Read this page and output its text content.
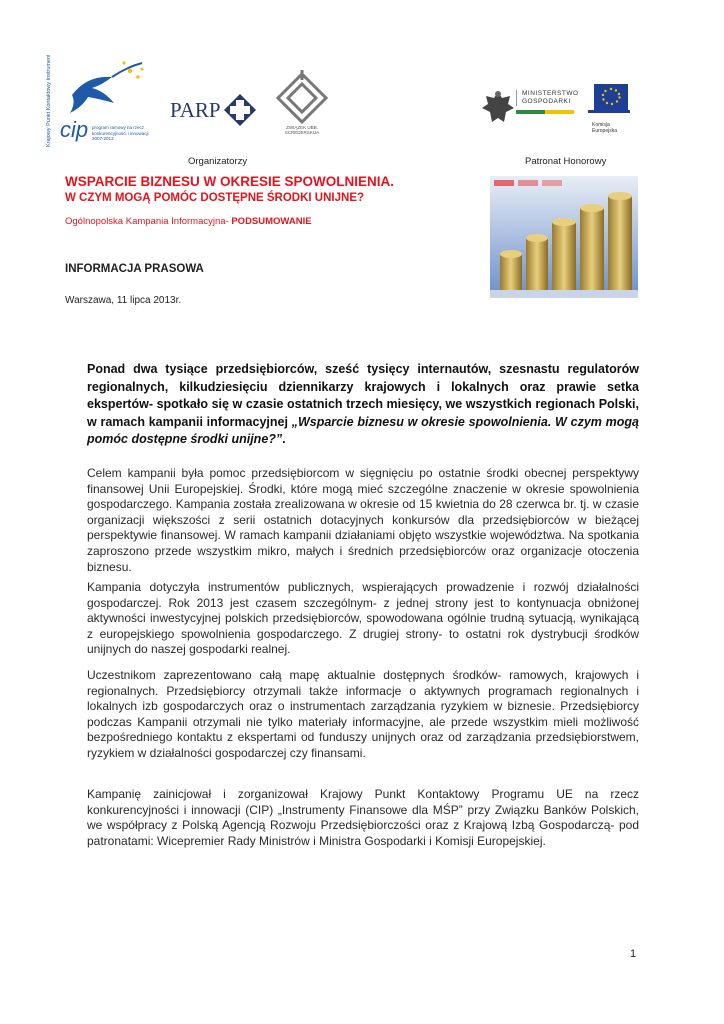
Krajowy Punkt Kontaktowy Instrumenty Finansowe dla MŚP cip program ramowy na rzecz konkurencyjności i innowacji 2007-2013
PARP
ZWIĄZEK UBB. SCREDERSKIJA
MINISTERSTWO GOSPODARKI
Komisja Europejska
Organizatorzy	Patronat Honorowy
WSPARCIE BIZNESU W OKRESIE SPOWOLNIENIA.
W CZYM MOGĄ POMÓC DOSTĘPNE ŚRODKI UNIJNE?
Ogólnopolska Kampania Informacyjna- PODSUMOWANIE
INFORMACJA PRASOWA
Warszawa, 11 lipca 2013r.
Ponad dwa tysiące przedsiębiorców, sześć tysięcy internautów, szesnastu regulatorów regionalnych, kilkudziesięciu dziennikarzy krajowych i lokalnych oraz prawie setka ekspertów- spotkało się w czasie ostatnich trzech miesięcy, we wszystkich regionach Polski, w ramach kampanii informacyjnej „Wsparcie biznesu w okresie spowolnienia. W czym mogą pomóc dostępne środki unijne?”.
Celem kampanii była pomoc przedsiębiorcom w sięgnięciu po ostatnie środki obecnej perspektywy finansowej Unii Europejskiej. Środki, które mogą mieć szczególne znaczenie w okresie spowolnienia gospodarczego. Kampania została zrealizowana w okresie od 15 kwietnia do 28 czerwca br. tj. w czasie organizacji większości z serii ostatnich dotacyjnych konkursów dla przedsiębiorców w bieżącej perspektywie finansowej. W ramach kampanii działaniami objęto wszystkie województwa. Na spotkania zaproszono przede wszystkim mikro, małych i średnich przedsiębiorców oraz organizacje otoczenia biznesu.
Kampania dotyczyła instrumentów publicznych, wspierających prowadzenie i rozwój działalności gospodarczej. Rok 2013 jest czasem szczególnym- z jednej strony jest to kontynuacja obniżonej aktywności inwestycyjnej polskich przedsiębiorców, spowodowana ogólnie trudną sytuacją, wynikającą z europejskiego spowolnienia gospodarczego. Z drugiej strony- to ostatni rok dystrybucji środków unijnych do naszej gospodarki realnej.
Uczestnikom zaprezentowano całą mapę aktualnie dostępnych środków- ramowych, krajowych i regionalnych. Przedsiębiorcy otrzymali także informacje o aktywnych programach regionalnych i lokalnych izb gospodarczych oraz o instrumentach zarządzania ryzykiem w biznesie. Przedsiębiorcy podczas Kampanii otrzymali nie tylko materiały informacyjne, ale przede wszystkim mieli możliwość bezpośredniego kontaktu z ekspertami od funduszy unijnych oraz od zarządzania przedsiębiorstwem, ryzykiem w działalności gospodarczej czy finansami.
Kampanię zainicjował i zorganizował Krajowy Punkt Kontaktowy Programu UE na rzecz konkurencyjności i innowacji (CIP) „Instrumenty Finansowe dla MŚP” przy Związku Banków Polskich, we współpracy z Polską Agencją Rozwoju Przedsiębiorczości oraz z Krajową Izbą Gospodarczą- pod patronatami: Wicepremier Rady Ministrów i Ministra Gospodarki i Komisji Europejskiej.
1
